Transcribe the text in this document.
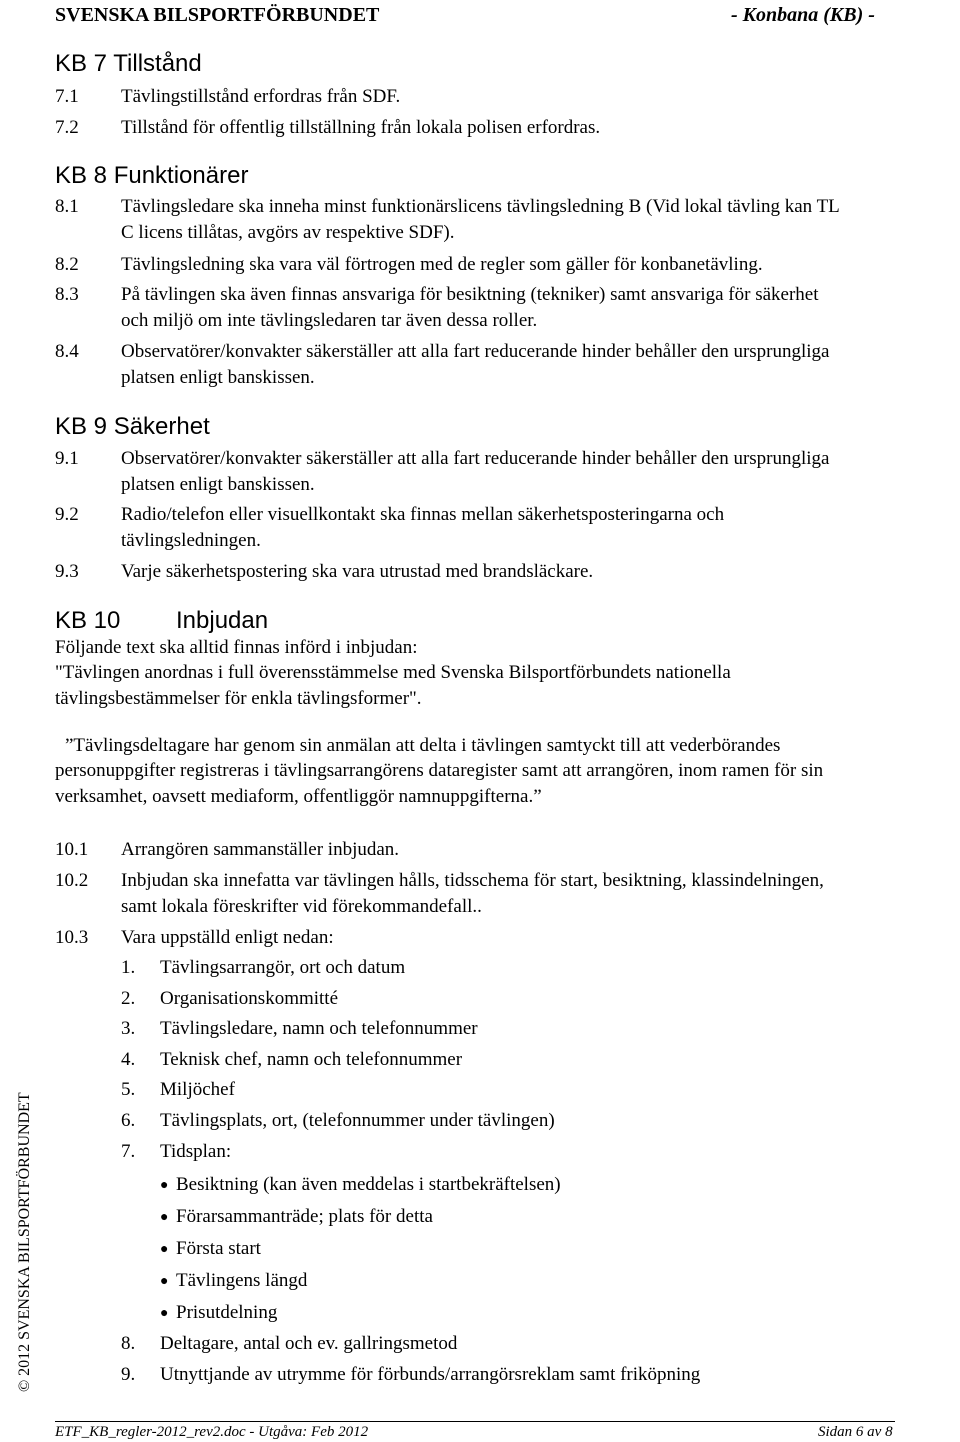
SVENSKA BILSPORTFÖRBUNDET	- Konbana (KB) -
KB 7 Tillstånd
7.1 Tävlingstillstånd erfordras från SDF.
7.2 Tillstånd för offentlig tillställning från lokala polisen erfordras.
KB 8 Funktionärer
8.1 Tävlingsledare ska inneha minst funktionärslicens tävlingsledning B (Vid lokal tävling kan TL
C licens tillåtas, avgörs av respektive SDF).
8.2 Tävlingsledning ska vara väl förtrogen med de regler som gäller för konbanetävling.
8.3 På tävlingen ska även finnas ansvariga för besiktning (tekniker) samt ansvariga för säkerhet
och miljö om inte tävlingsledaren tar även dessa roller.
8.4 Observatörer/konvakter säkerställer att alla fart reducerande hinder behåller den ursprungliga
platsen enligt banskissen.
KB 9 Säkerhet
9.1 Observatörer/konvakter säkerställer att alla fart reducerande hinder behåller den ursprungliga
platsen enligt banskissen.
9.2 Radio/telefon eller visuellkontakt ska finnas mellan säkerhetsposteringarna och
tävlingsledningen.
9.3 Varje säkerhetspostering ska vara utrustad med brandsläckare.
KB 10 Inbjudan
Följande text ska alltid finnas införd i inbjudan:
"Tävlingen anordnas i full överensstämmelse med Svenska Bilsportförbundets nationella
tävlingsbestämmelser för enkla tävlingsformer".
”Tävlingsdeltagare har genom sin anmälan att delta i tävlingen samtyckt till att vederbörandes
personuppgifter registreras i tävlingsarrangörens dataregister samt att arrangören, inom ramen för sin
verksamhet, oavsett mediaform, offentliggör namnuppgifterna.”
10.1 Arrangören sammanställer inbjudan.
10.2 Inbjudan ska innefatta var tävlingen hålls, tidsschema för start, besiktning, klassindelningen,
samt lokala föreskrifter vid förekommandefall..
10.3 Vara uppställd enligt nedan:
1. Tävlingsarrangör, ort och datum
2. Organisationskommitté
3. Tävlingsledare, namn och telefonnummer
4. Teknisk chef, namn och telefonnummer
5. Miljöchef
6. Tävlingsplats, ort, (telefonnummer under tävlingen)
7. Tidsplan:
● Besiktning (kan även meddelas i startbekräftelsen)
● Förarsammanträde; plats för detta
● Första start
● Tävlingens längd
● Prisutdelning
8. Deltagare, antal och ev. gallringsmetod
9. Utnyttjande av utrymme för förbunds/arrangörsreklam samt friköpning
© 2012 SVENSKA BILSPORTFÖRBUNDET
ETF_KB_regler-2012_rev2.doc - Utgåva: Feb 2012	Sidan 6 av 8
